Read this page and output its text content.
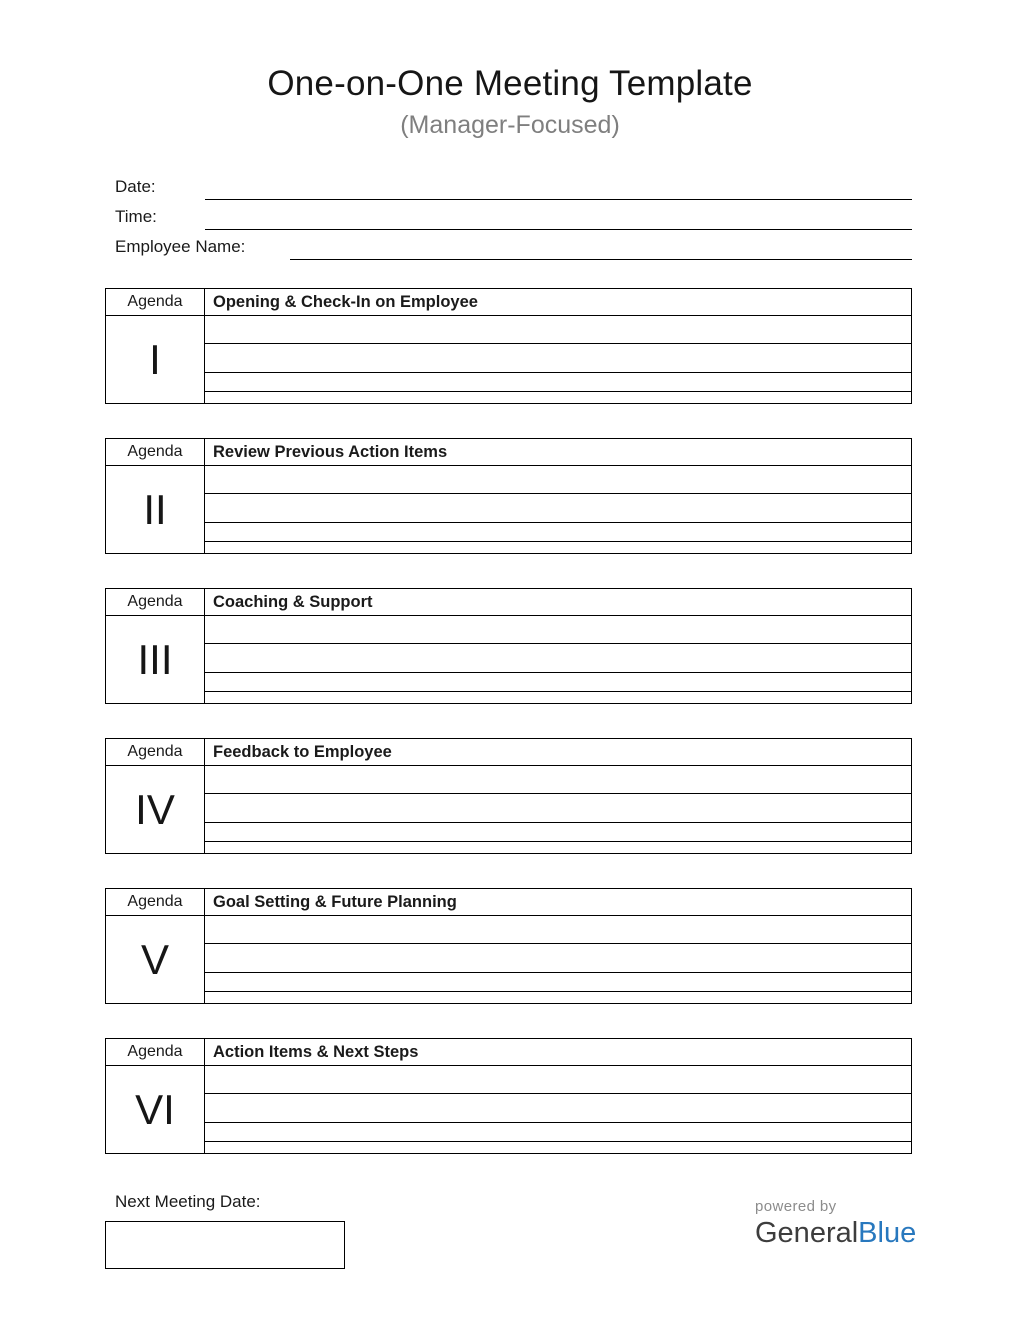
One-on-One Meeting Template
(Manager-Focused)
Date:
Time:
Employee Name:
Agenda
I
Opening & Check-In on Employee
Agenda
II
Review Previous Action Items
Agenda
III
Coaching & Support
Agenda
IV
Feedback to Employee
Agenda
V
Goal Setting & Future Planning
Agenda
VI
Action Items & Next Steps
Next Meeting Date:	powered by
GeneralBlue
